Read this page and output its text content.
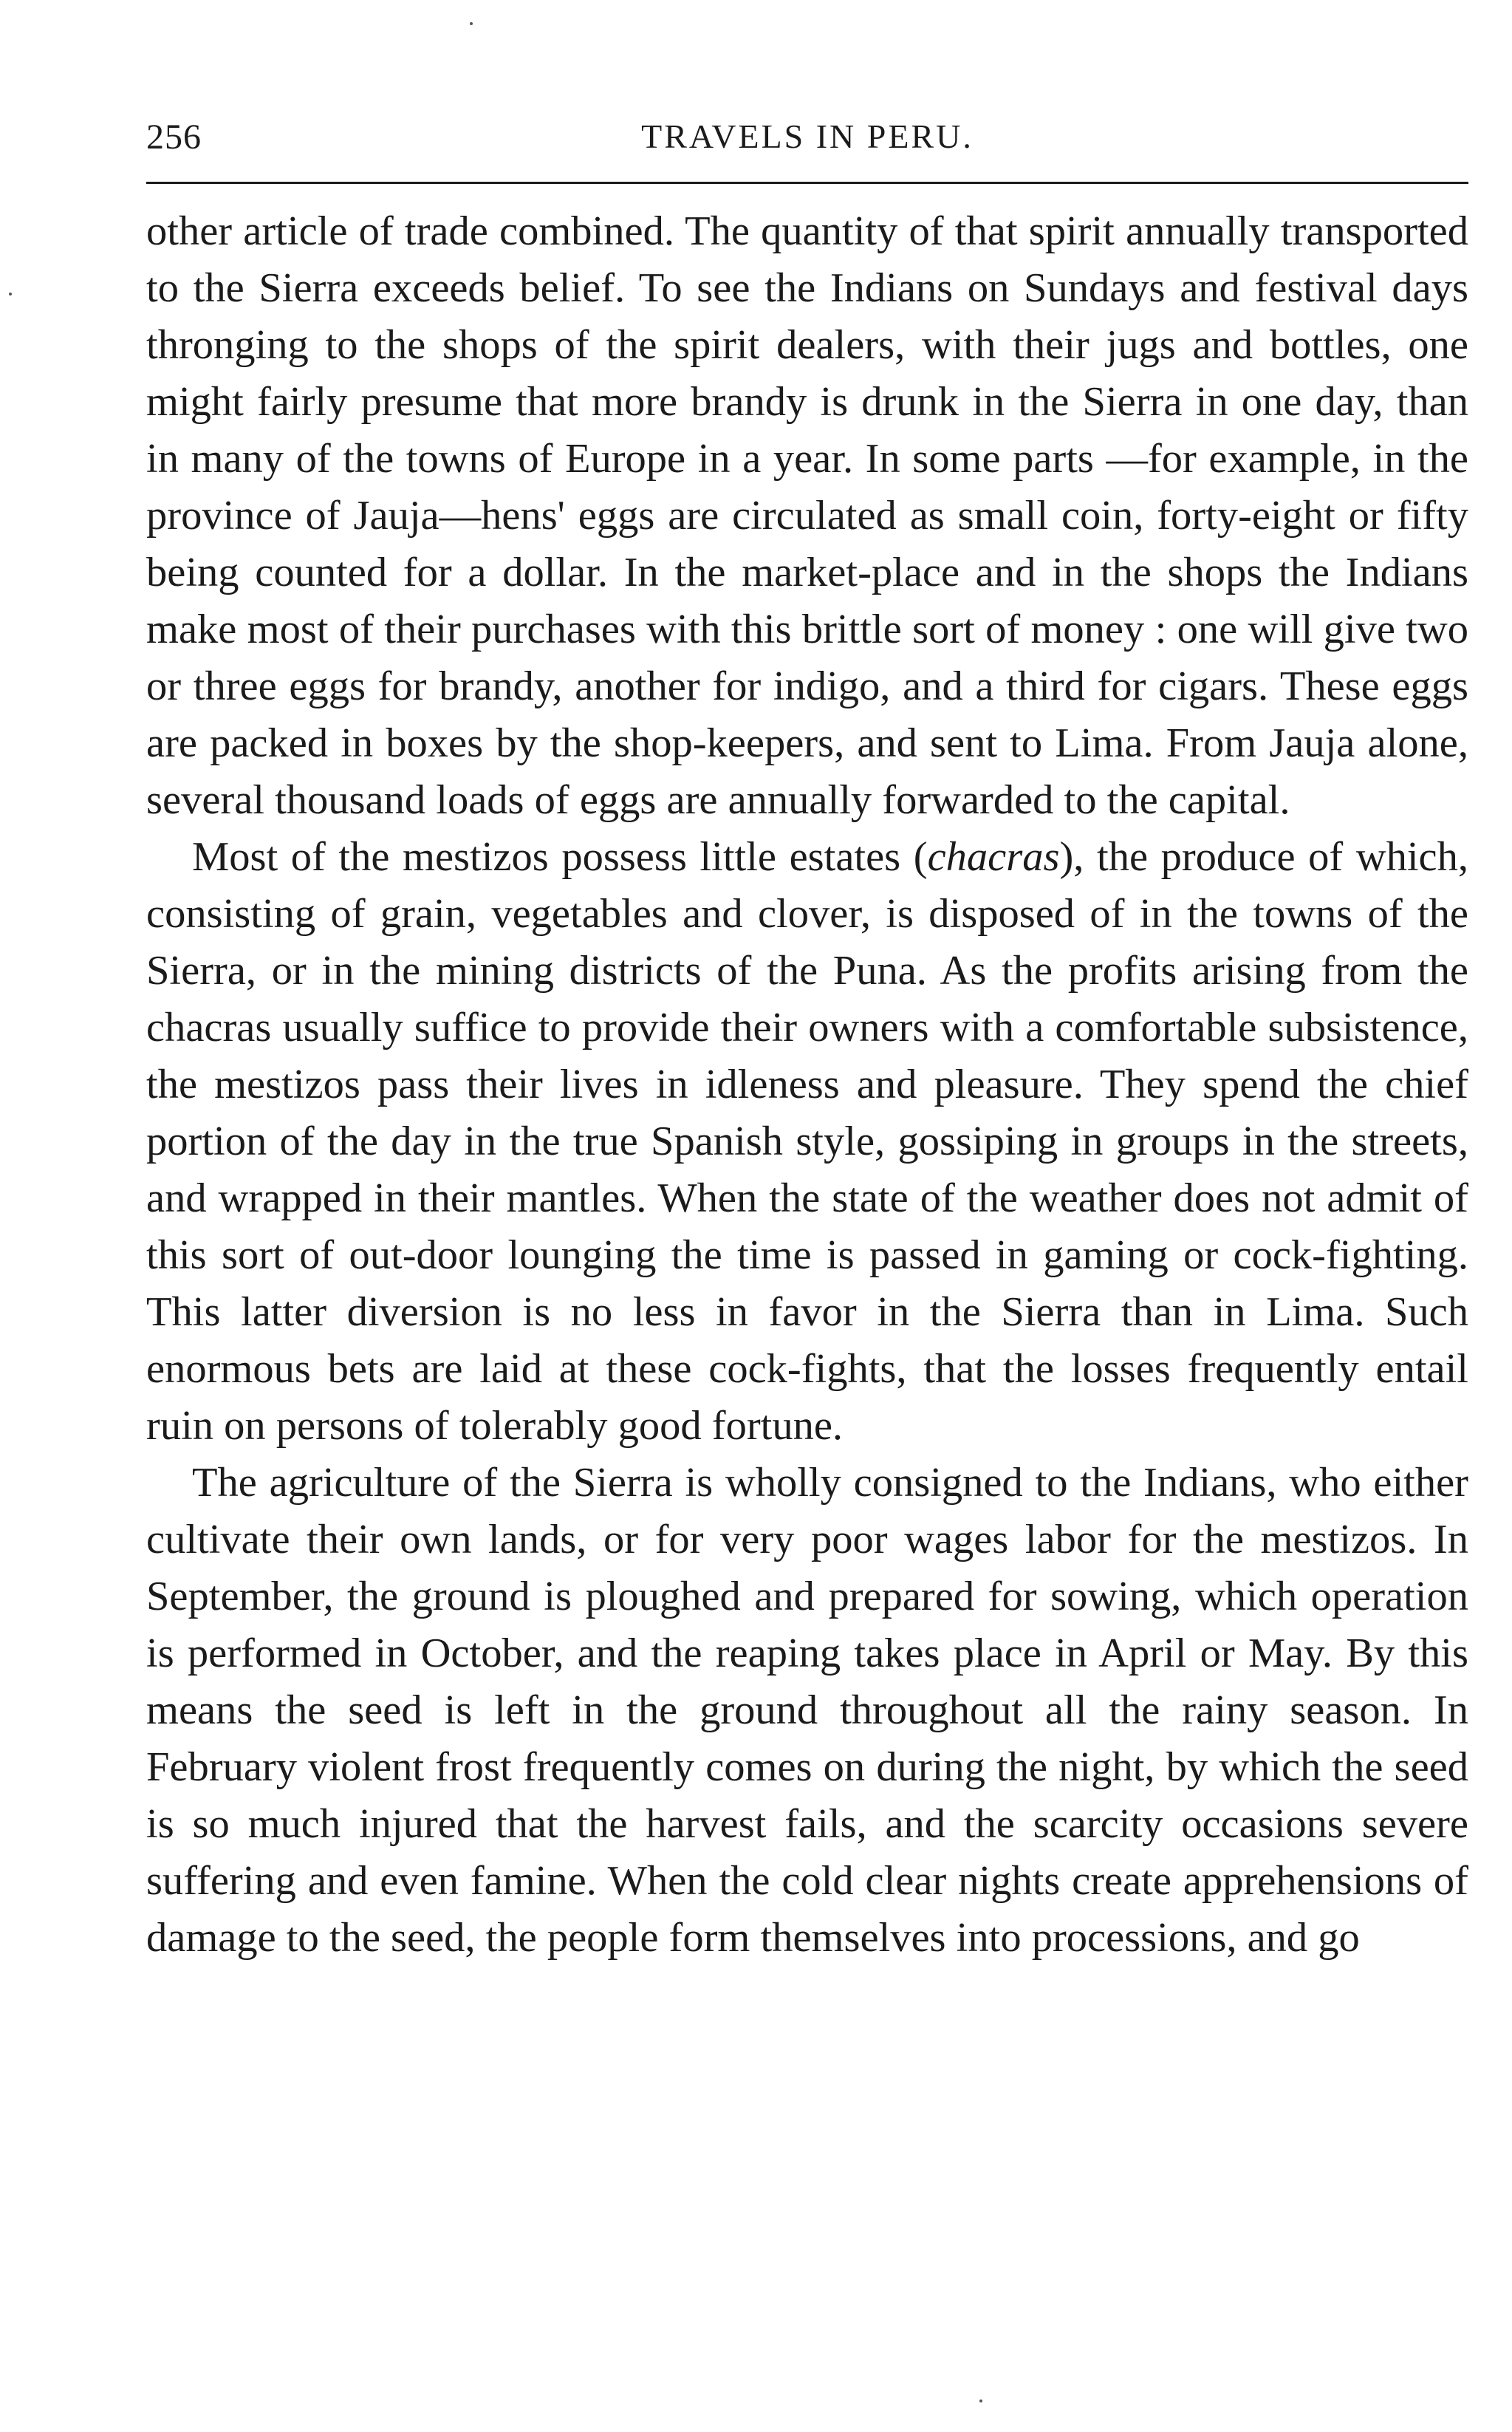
256	TRAVELS IN PERU.

other article of trade combined. The quantity of that spirit annually transported to the Sierra exceeds belief. To see the Indians on Sundays and festival days thronging to the shops of the spirit dealers, with their jugs and bottles, one might fairly presume that more brandy is drunk in the Sierra in one day, than in many of the towns of Europe in a year. In some parts —for example, in the province of Jauja—hens' eggs are circulated as small coin, forty-eight or fifty being counted for a dollar. In the market-place and in the shops the Indians make most of their purchases with this brittle sort of money : one will give two or three eggs for brandy, another for indigo, and a third for cigars. These eggs are packed in boxes by the shop-keepers, and sent to Lima. From Jauja alone, several thousand loads of eggs are annually forwarded to the capital.

Most of the mestizos possess little estates (chacras), the produce of which, consisting of grain, vegetables and clover, is disposed of in the towns of the Sierra, or in the mining districts of the Puna. As the profits arising from the chacras usually suffice to provide their owners with a comfortable subsistence, the mestizos pass their lives in idleness and pleasure. They spend the chief portion of the day in the true Spanish style, gossiping in groups in the streets, and wrapped in their mantles. When the state of the weather does not admit of this sort of out-door lounging the time is passed in gaming or cock-fighting. This latter diversion is no less in favor in the Sierra than in Lima. Such enormous bets are laid at these cock-fights, that the losses frequently entail ruin on persons of tolerably good fortune.

The agriculture of the Sierra is wholly consigned to the Indians, who either cultivate their own lands, or for very poor wages labor for the mestizos. In September, the ground is ploughed and prepared for sowing, which operation is performed in October, and the reaping takes place in April or May. By this means the seed is left in the ground throughout all the rainy season. In February violent frost frequently comes on during the night, by which the seed is so much injured that the harvest fails, and the scarcity occasions severe suffering and even famine. When the cold clear nights create apprehensions of damage to the seed, the people form themselves into processions, and go
